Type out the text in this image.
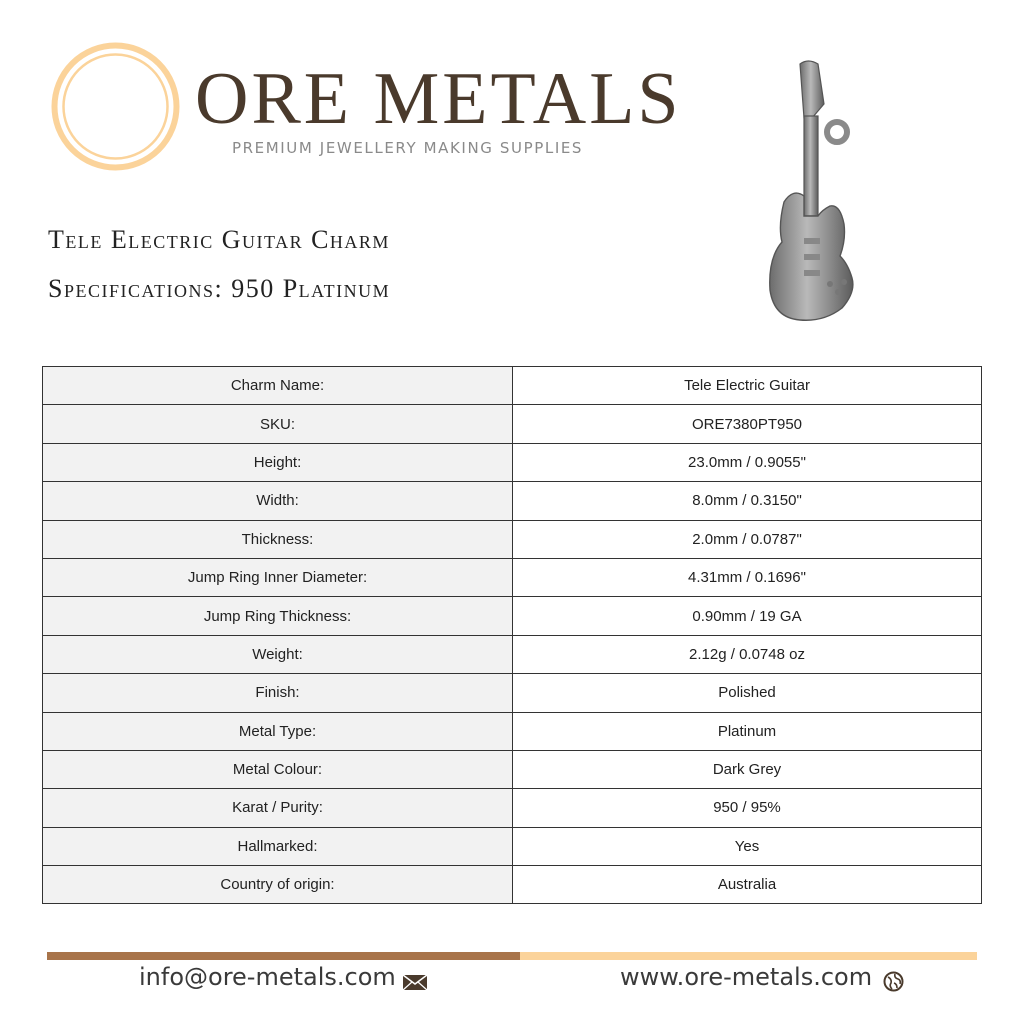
ORE METALS
PREMIUM JEWELLERY MAKING SUPPLIES
Tele Electric Guitar Charm
Specifications: 950 Platinum
Charm Name:	Tele Electric Guitar
SKU:	ORE7380PT950
Height:	23.0mm / 0.9055"
Width:	8.0mm / 0.3150"
Thickness:	2.0mm / 0.0787"
Jump Ring Inner Diameter:	4.31mm / 0.1696"
Jump Ring Thickness:	0.90mm / 19 GA
Weight:	2.12g / 0.0748 oz
Finish:	Polished
Metal Type:	Platinum
Metal Colour:	Dark Grey
Karat / Purity:	950 / 95%
Hallmarked:	Yes
Country of origin:	Australia
info@ore-metals.com	www.ore-metals.com
